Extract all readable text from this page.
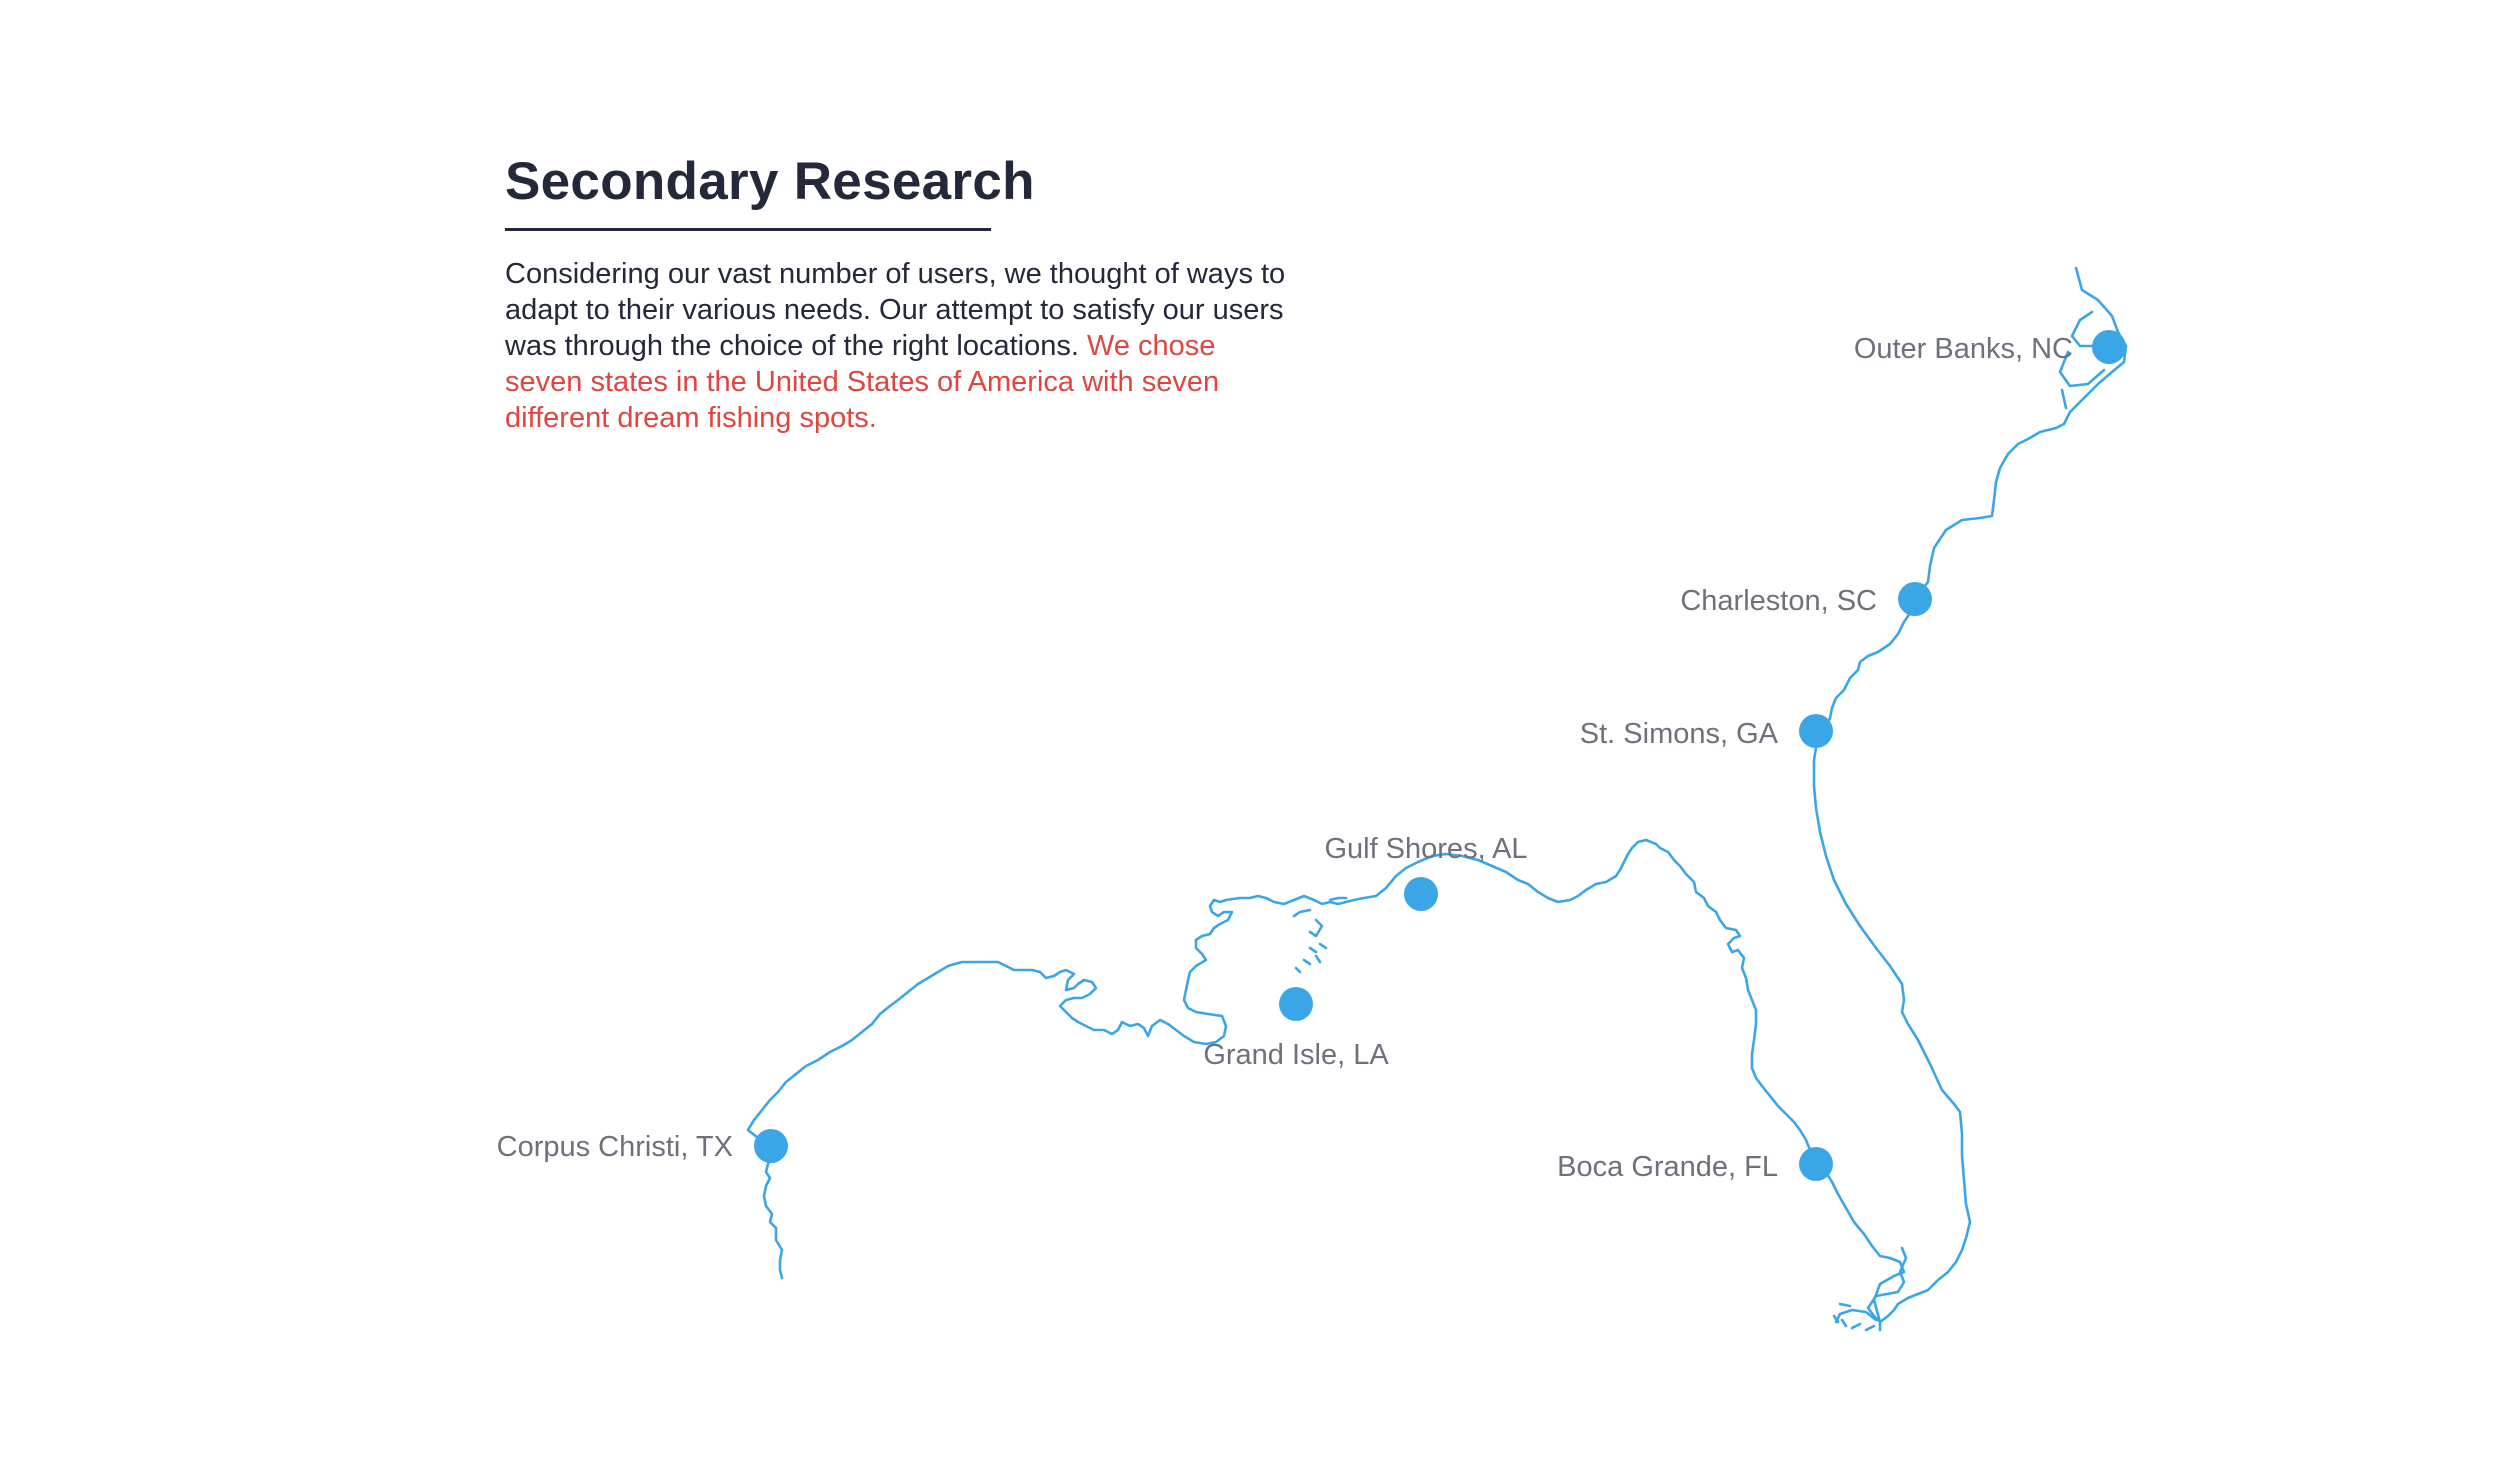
Secondary Research

Considering our vast number of users, we thought of ways to adapt to their various needs. Our attempt to satisfy our users was through the choice of the right locations. We chose seven states in the United States of America with seven different dream fishing spots.

Outer Banks, NC
Charleston, SC
St. Simons, GA
Gulf Shores, AL
Grand Isle, LA
Corpus Christi, TX
Boca Grande, FL
